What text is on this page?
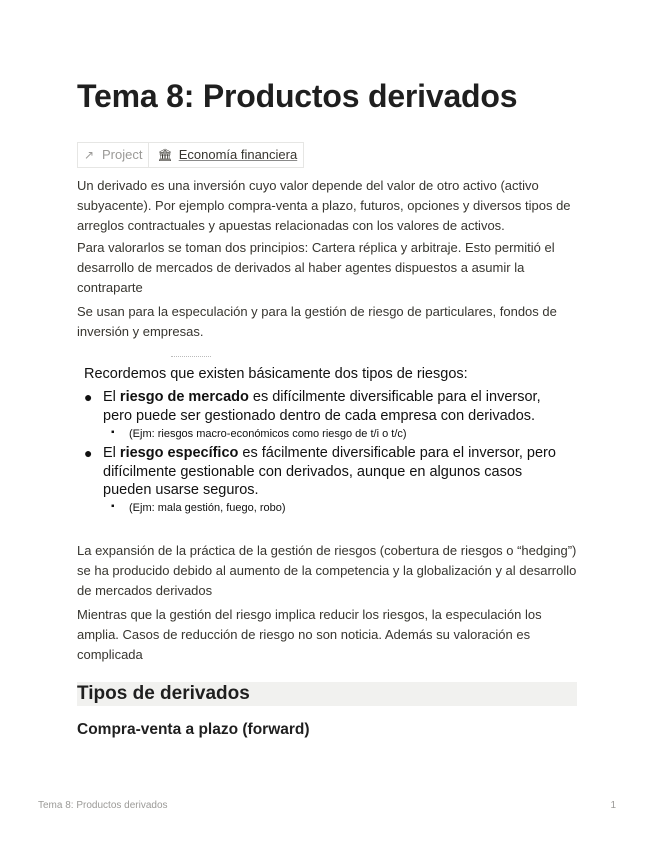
Tema 8: Productos derivados
↗ Project 🏛 Economía financiera

Un derivado es una inversión cuyo valor depende del valor de otro activo (activo subyacente). Por ejemplo compra-venta a plazo, futuros, opciones y diversos tipos de arreglos contractuales y apuestas relacionadas con los valores de activos.

Para valorarlos se toman dos principios: Cartera réplica y arbitraje. Esto permitió el desarrollo de mercados de derivados al haber agentes dispuestos a asumir la contraparte

Se usan para la especulación y para la gestión de riesgo de particulares, fondos de inversión y empresas.

Recordemos que existen básicamente dos tipos de riesgos:

● El riesgo de mercado es difícilmente diversificable para el inversor, pero puede ser gestionado dentro de cada empresa con derivados.

▪ (Ejm: riesgos macro-económicos como riesgo de t/i o t/c)

● El riesgo específico es fácilmente diversificable para el inversor, pero difícilmente gestionable con derivados, aunque en algunos casos pueden usarse seguros.

▪ (Ejm: mala gestión, fuego, robo)

La expansión de la práctica de la gestión de riesgos (cobertura de riesgos o “hedging”) se ha producido debido al aumento de la competencia y la globalización y al desarrollo de mercados derivados

Mientras que la gestión del riesgo implica reducir los riesgos, la especulación los amplia. Casos de reducción de riesgo no son noticia. Además su valoración es complicada

Tipos de derivados
Compra-venta a plazo (forward)
Tema 8: Productos derivados	1
